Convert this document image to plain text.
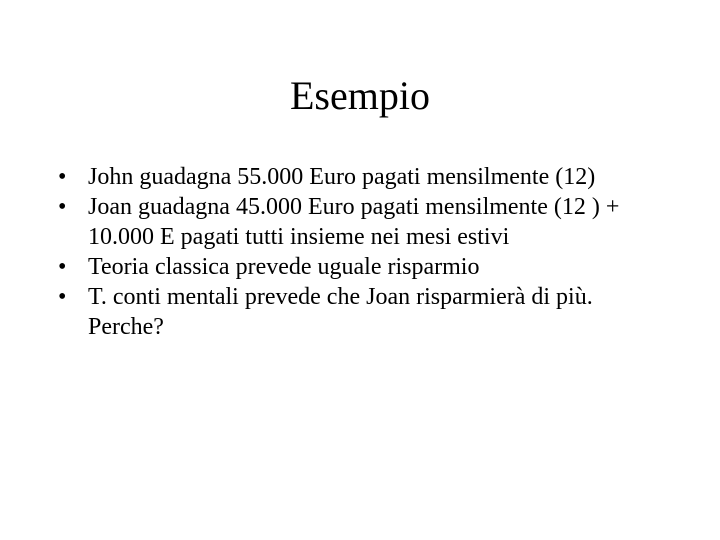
Esempio
• John guadagna 55.000 Euro pagati mensilmente (12)
• Joan guadagna 45.000 Euro pagati mensilmente (12 ) + 10.000 E pagati tutti insieme nei mesi estivi
• Teoria classica prevede uguale risparmio
• T. conti mentali prevede che Joan risparmierà di più. Perche?
